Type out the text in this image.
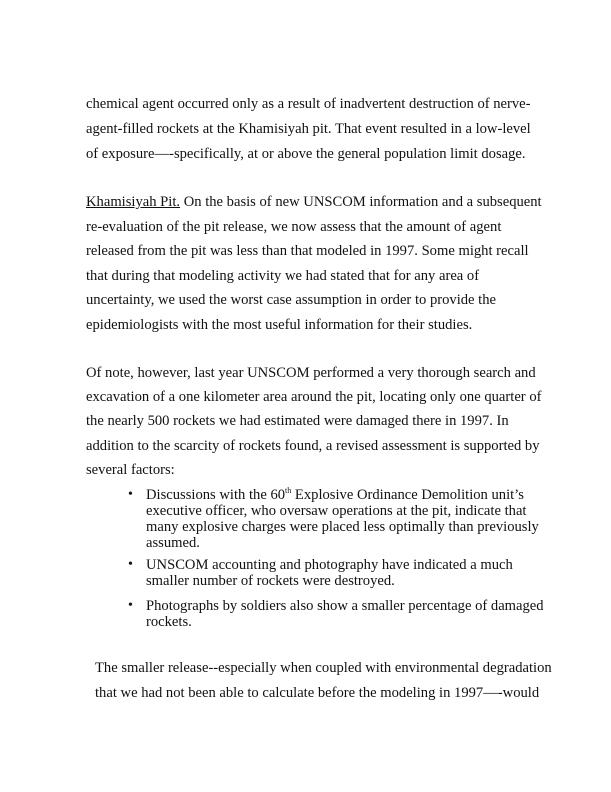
chemical agent occurred only as a result of inadvertent destruction of nerve-
agent-filled rockets at the Khamisiyah pit. That event resulted in a low-level
of exposure—-specifically, at or above the general population limit dosage.
Khamisiyah Pit. On the basis of new UNSCOM information and a subsequent
re-evaluation of the pit release, we now assess that the amount of agent
released from the pit was less than that modeled in 1997. Some might recall
that during that modeling activity we had stated that for any area of
uncertainty, we used the worst case assumption in order to provide the
epidemiologists with the most useful information for their studies.
Of note, however, last year UNSCOM performed a very thorough search and
excavation of a one kilometer area around the pit, locating only one quarter of
the nearly 500 rockets we had estimated were damaged there in 1997. In
addition to the scarcity of rockets found, a revised assessment is supported by
several factors:
• Discussions with the 60th Explosive Ordinance Demolition unit’s
executive officer, who oversaw operations at the pit, indicate that
many explosive charges were placed less optimally than previously
assumed.
• UNSCOM accounting and photography have indicated a much
smaller number of rockets were destroyed.
• Photographs by soldiers also show a smaller percentage of damaged
rockets.
The smaller release--especially when coupled with environmental degradation
that we had not been able to calculate before the modeling in 1997—-would
